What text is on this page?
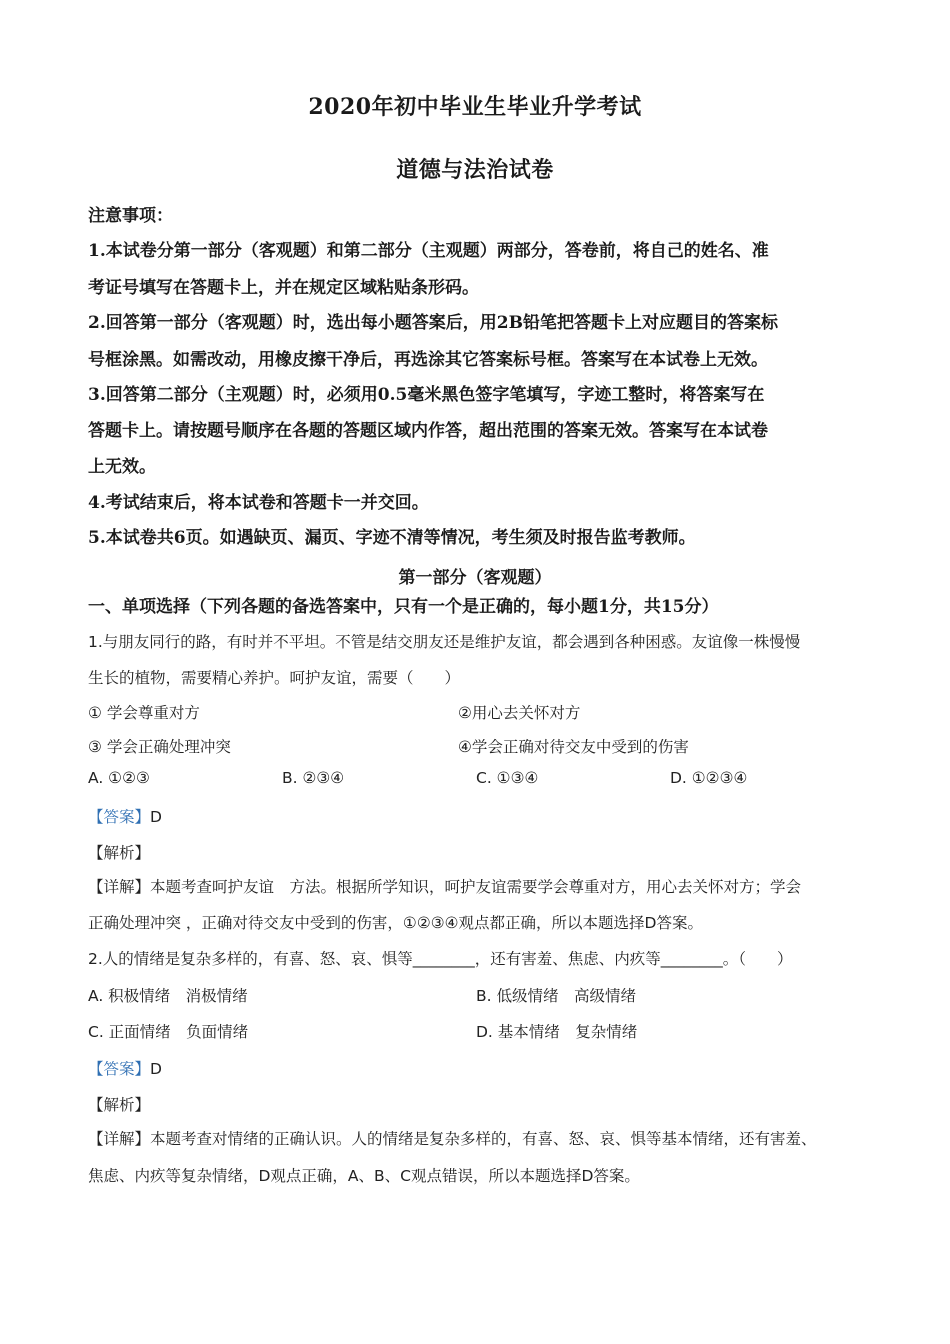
2020年初中毕业生毕业升学考试
道德与法治试卷
注意事项：
1.本试卷分第一部分（客观题）和第二部分（主观题）两部分，答卷前，将自己的姓名、准
考证号填写在答题卡上，并在规定区域粘贴条形码。
2.回答第一部分（客观题）时，选出每小题答案后，用2B铅笔把答题卡上对应题目的答案标
号框涂黑。如需改动，用橡皮擦干净后，再选涂其它答案标号框。答案写在本试卷上无效。
3.回答第二部分（主观题）时，必须用0.5毫米黑色签字笔填写，字迹工整时，将答案写在
答题卡上。请按题号顺序在各题的答题区域内作答，超出范围的答案无效。答案写在本试卷
上无效。
4.考试结束后，将本试卷和答题卡一并交回。
5.本试卷共6页。如遇缺页、漏页、字迹不清等情况，考生须及时报告监考教师。
第一部分（客观题）
一、单项选择（下列各题的备选答案中，只有一个是正确的，每小题1分，共15分）
1.与朋友同行的路，有时并不平坦。不管是结交朋友还是维护友谊，都会遇到各种困惑。友谊像一株慢慢
生长的植物，需要精心养护。呵护友谊，需要（　　）
① 学会尊重对方	②用心去关怀对方
③ 学会正确处理冲突	④学会正确对待交友中受到的伤害
A. ①②③	B. ②③④	C. ①③④	D. ①②③④
【答案】D
【解析】
【详解】本题考查呵护友谊　方法。根据所学知识，呵护友谊需要学会尊重对方，用心去关怀对方；学会
正确处理冲突 ，正确对待交友中受到的伤害，①②③④观点都正确，所以本题选择D答案。
2.人的情绪是复杂多样的，有喜、怒、哀、惧等________，还有害羞、焦虑、内疚等________。（　　）
A. 积极情绪　消极情绪	B. 低级情绪　高级情绪
C. 正面情绪　负面情绪	D. 基本情绪　复杂情绪
【答案】D
【解析】
【详解】本题考查对情绪的正确认识。人的情绪是复杂多样的，有喜、怒、哀、惧等基本情绪，还有害羞、
焦虑、内疚等复杂情绪，D观点正确，A、B、C观点错误，所以本题选择D答案。
